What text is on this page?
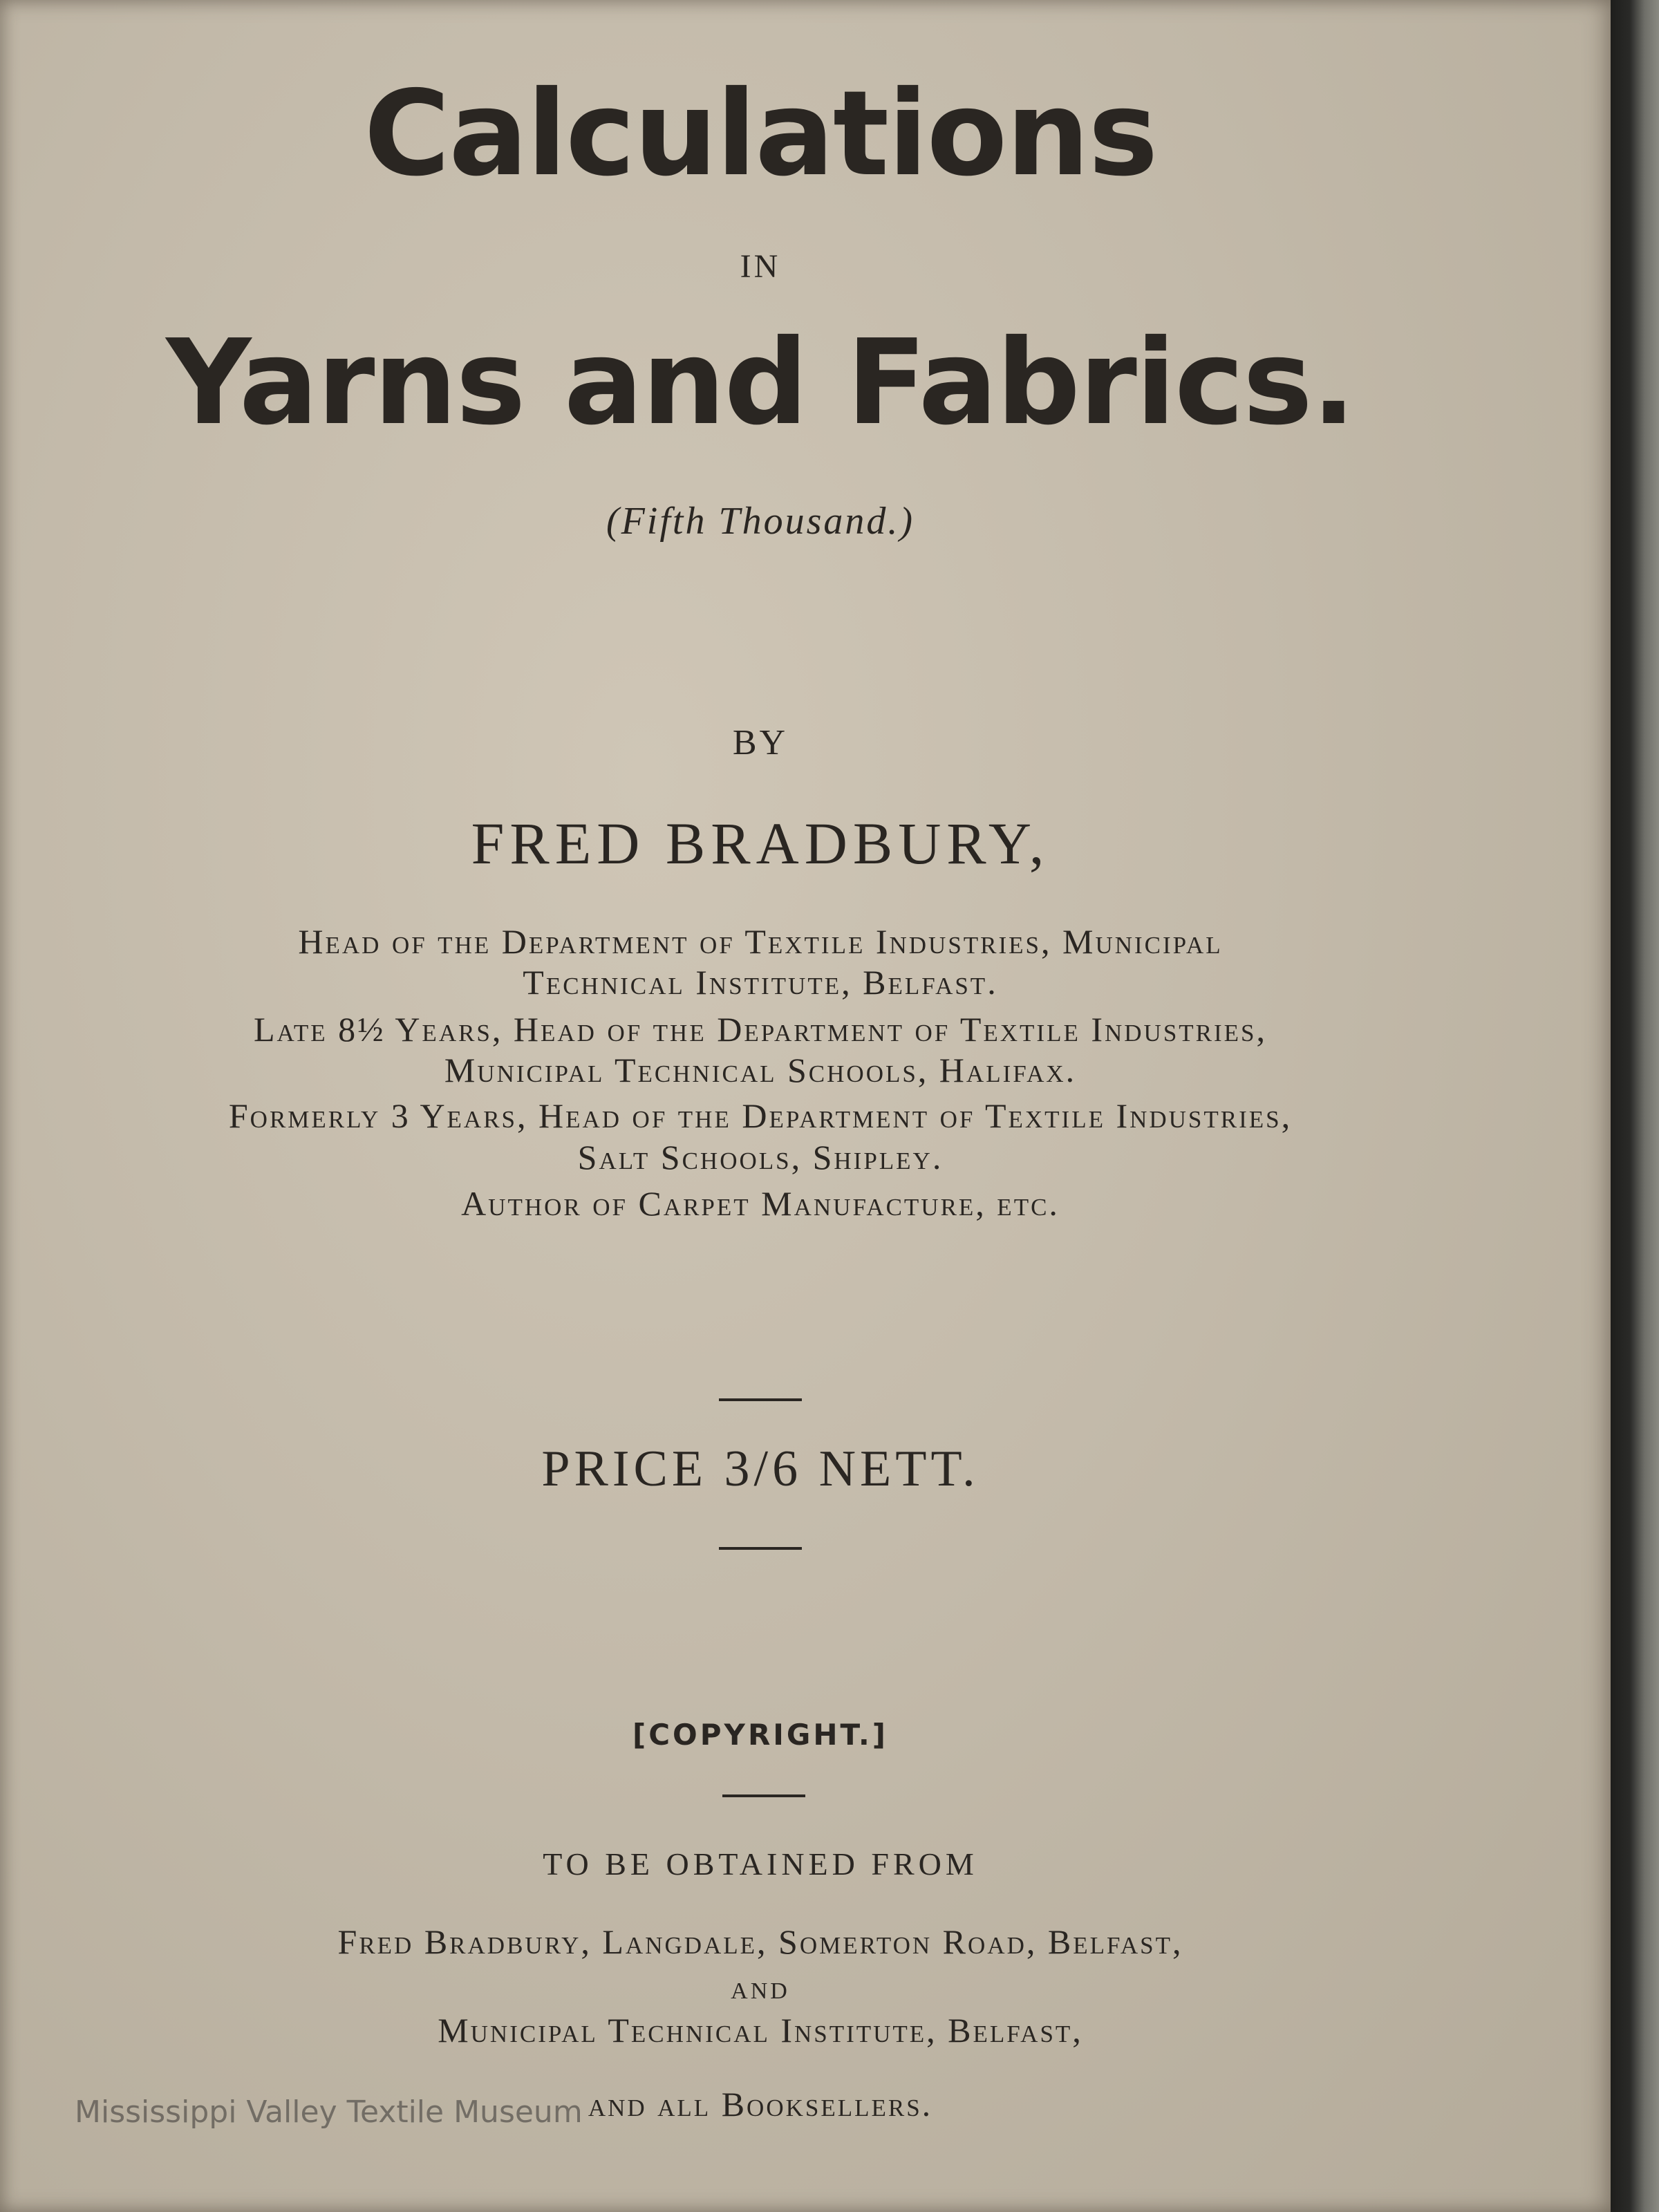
Calculations
IN
Yarns and Fabrics.
(Fifth Thousand.)
BY
FRED BRADBURY,
Head of the Department of Textile Industries, Municipal
Technical Institute, Belfast.
Late 8½ Years, Head of the Department of Textile Industries,
Municipal Technical Schools, Halifax.
Formerly 3 Years, Head of the Department of Textile Industries,
Salt Schools, Shipley.
Author of Carpet Manufacture, etc.
PRICE 3/6 NETT.
[COPYRIGHT.]
TO BE OBTAINED FROM
Fred Bradbury, Langdale, Somerton Road, Belfast,
AND
Municipal Technical Institute, Belfast,
and all Booksellers.
Mississippi Valley Textile Museum
